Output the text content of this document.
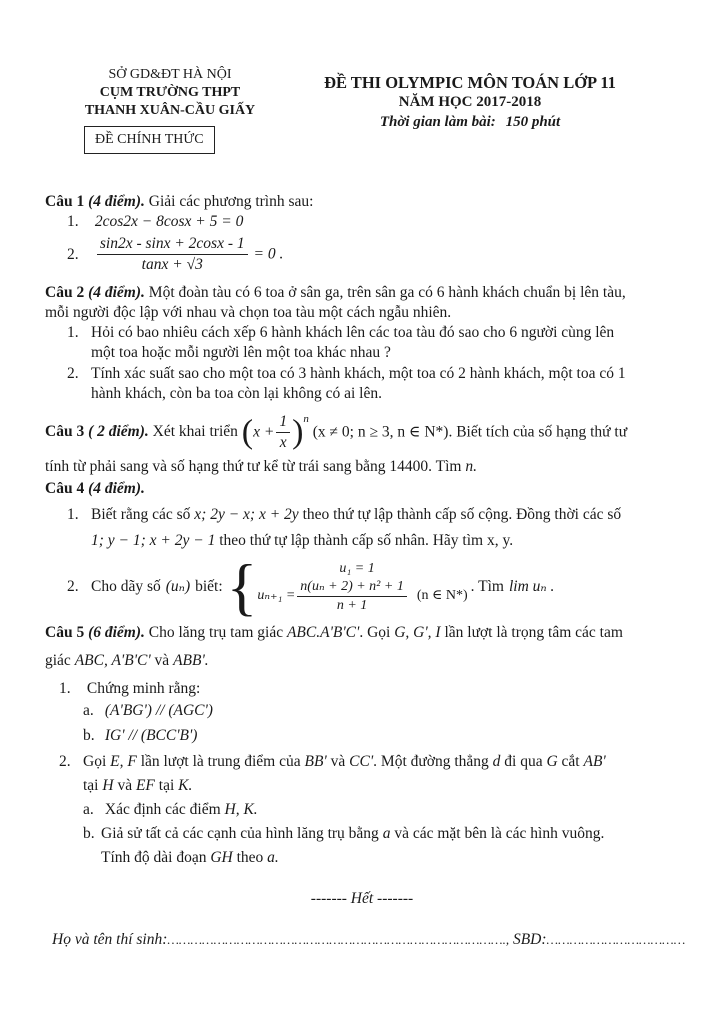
SỞ GD&ĐT HÀ NỘI
CỤM TRƯỜNG THPT
THANH XUÂN-CẦU GIẤY
ĐỀ CHÍNH THỨC
ĐỀ THI OLYMPIC MÔN TOÁN LỚP 11
NĂM HỌC 2017-2018
Thời gian làm bài: 150 phút
Câu 1 (4 điểm). Giải các phương trình sau:
1. 2cos2x − 8cosx + 5 = 0
2. $\frac{\sin 2x - \sin x + 2\cos x - 1}{\tan x + √3} = 0$ .
Câu 2 (4 điểm). Một đoàn tàu có 6 toa ở sân ga, trên sân ga có 6 hành khách chuẩn bị lên tàu,
mỗi người độc lập với nhau và chọn toa tàu một cách ngẫu nhiên.
1. Hỏi có bao nhiêu cách xếp 6 hành khách lên các toa tàu đó sao cho 6 người cùng lên
một toa hoặc mỗi người lên một toa khác nhau ?
2. Tính xác suất sao cho một toa có 3 hành khách, một toa có 2 hành khách, một toa có 1
hành khách, còn ba toa còn lại không có ai lên.
Câu 3 ( 2 điểm). Xét khai triển $(x + \frac{1}{x} )^n$ (x ≠ 0; n ≥ 3, n ∈ N*). Biết tích của số hạng thứ tư
tính từ phải sang và số hạng thứ tư kể từ trái sang bằng 14400. Tìm n.
Câu 4 (4 điểm).
1. Biết rằng các số x; 2y − x; x + 2y theo thứ tự lập thành cấp số cộng. Đồng thời các số
1; y − 1; x + 2y − 1 theo thứ tự lập thành cấp số nhân. Hãy tìm x, y.
2. Cho dãy số (uₙ) biết: {	u₁ = 1
$u_{n+1} = \frac{\text{n(uₙ + 2) + n² + 1}}{n + 1} (n$ ∈ N*)
. Tìm lim uₙ .
Câu 5 (6 điểm). Cho lăng trụ tam giác ABC.A'B'C'. Gọi G, G', I lần lượt là trọng tâm các tam
giác ABC, A'B'C' và ABB'.
1. Chứng minh rằng:
a. (A'BG') // (AGC')
b. IG' // (BCC'B')
2. Gọi E, F lần lượt là trung điểm của BB' và CC'. Một đường thẳng d đi qua G cắt AB'
tại H và EF tại K.
a. Xác định các điểm H, K.
b. Giả sử tất cả các cạnh của hình lăng trụ bằng a và các mặt bên là các hình vuông.
Tính độ dài đoạn GH theo a.
------- Hết -------
Họ và tên thí sinh:……………………………………………………………………………., SBD:………………………………
